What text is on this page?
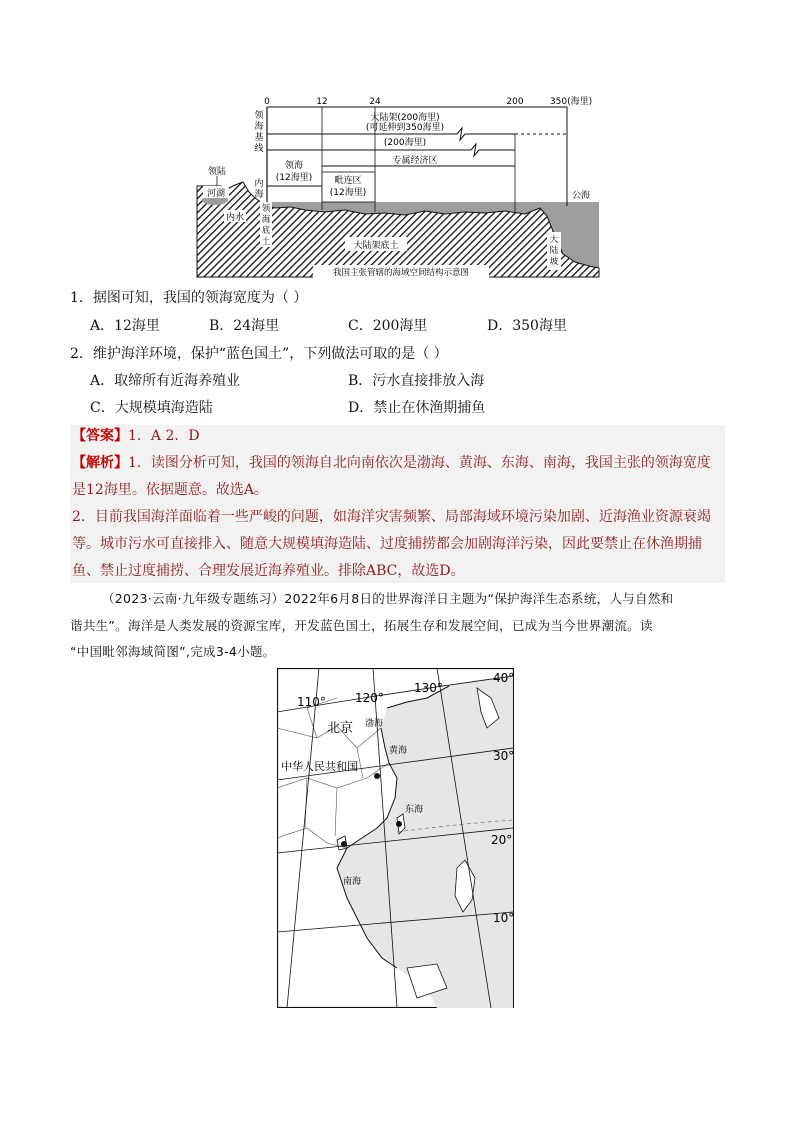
河湖
领陆
内水
内
海
领
海
底
土
0	12	24	200	350(海里)
领
海
基
线
大陆架(200海里)
(可延伸到350海里)
(200海里)
专属经济区
领海
(12海里) 毗连区
(12海里)	公海
大陆架底土
大
陆
坡
我国主张管辖的海域空间结构示意图
1．据图可知，我国的领海宽度为（ ）
A．12海里	B．24海里	C．200海里	D．350海里
2．维护海洋环境，保护“蓝色国土”，下列做法可取的是（ ）
A．取缔所有近海养殖业	B．污水直接排放入海
C．大规模填海造陆	D．禁止在休渔期捕鱼
【答案】1．A 2．D
【解析】1．读图分析可知，我国的领海自北向南依次是渤海、黄海、东海、南海，我国主张的领海宽度
是12海里。依据题意。故选A。
2．目前我国海洋面临着一些严峻的问题，如海洋灾害频繁、局部海域环境污染加剧、近海渔业资源衰竭
等。城市污水可直接排入、随意大规模填海造陆、过度捕捞都会加剧海洋污染，因此要禁止在休渔期捕
鱼、禁止过度捕捞、合理发展近海养殖业。排除ABC，故选D。
（2023·云南·九年级专题练习）2022年6月8日的世界海洋日主题为“保护海洋生态系统，人与自然和
谐共生”。海洋是人类发展的资源宝库，开发蓝色国土，拓展生存和发展空间，已成为当今世界潮流。读
“中国毗邻海域简图”,完成3-4小题。
110° 120°
130°
40°
30°
20°
10°
北京 渤海
中华人民共和国
黄海
东海
南海
